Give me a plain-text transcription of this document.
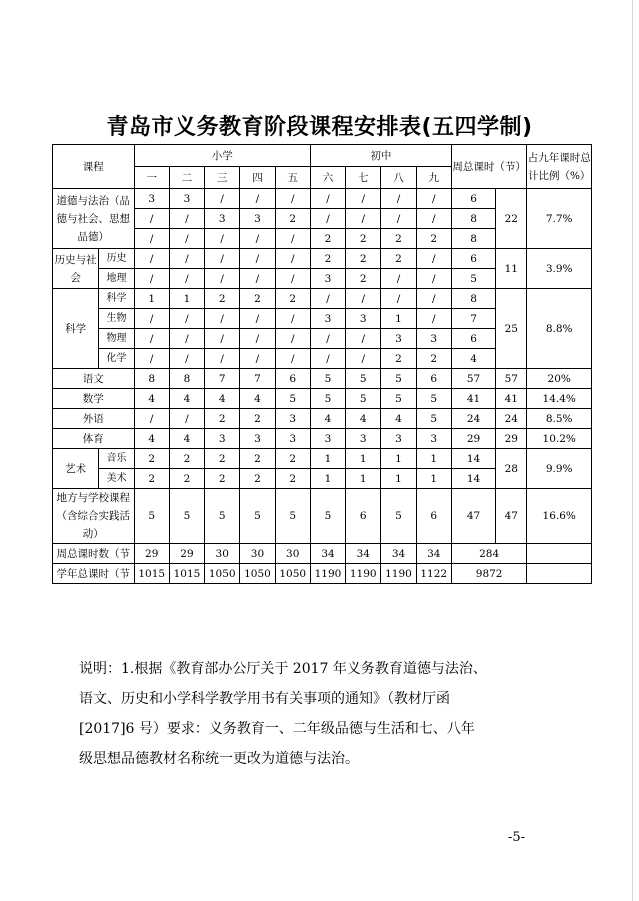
青岛市义务教育阶段课程安排表(五四学制)
课程		小学					初中				周总课时（节）		占九年课时总计比例（%）
		一	二	三	四	五	六	七	八	九			
道德与法治（品德与社会、思想品德）		3	3	/	/	/	/	/	/	/	6	22	7.7%
		/	/	3	3	2	/	/	/	/	8		
		/	/	/	/	/	2	2	2	2	8		
历史与社会	历史	/	/	/	/	/	2	2	2	/	6	11	3.9%
	地理	/	/	/	/	/	3	2	/	/	5		
科学	科学	1	1	2	2	2	/	/	/	/	8	25	8.8%
	生物	/	/	/	/	/	3	3	1	/	7		
	物理	/	/	/	/	/	/	/	3	3	6		
	化学	/	/	/	/	/	/	/	2	2	4		
语文		8	8	7	7	6	5	5	5	6	57	57	20%
数学		4	4	4	4	5	5	5	5	5	41	41	14.4%
外语		/	/	2	2	3	4	4	4	5	24	24	8.5%
体育		4	4	3	3	3	3	3	3	3	29	29	10.2%
艺术	音乐	2	2	2	2	2	1	1	1	1	14	28	9.9%
	美术	2	2	2	2	2	1	1	1	1	14		
地方与学校课程（含综合实践活动）		5	5	5	5	5	5	6	5	6	47	47	16.6%
周总课时数（节		29	29	30	30	30	34	34	34	34	284		
学年总课时（节		1015	1015	1050	1050	1050	1190	1190	1190	1122	9872		

说明：1.根据《教育部办公厅关于 2017 年义务教育道德与法治、

语文、历史和小学科学教学用书有关事项的通知》（教材厅函

[2017]6 号）要求：义务教育一、二年级品德与生活和七、八年

级思想品德教材名称统一更改为道德与法治。

-5-
